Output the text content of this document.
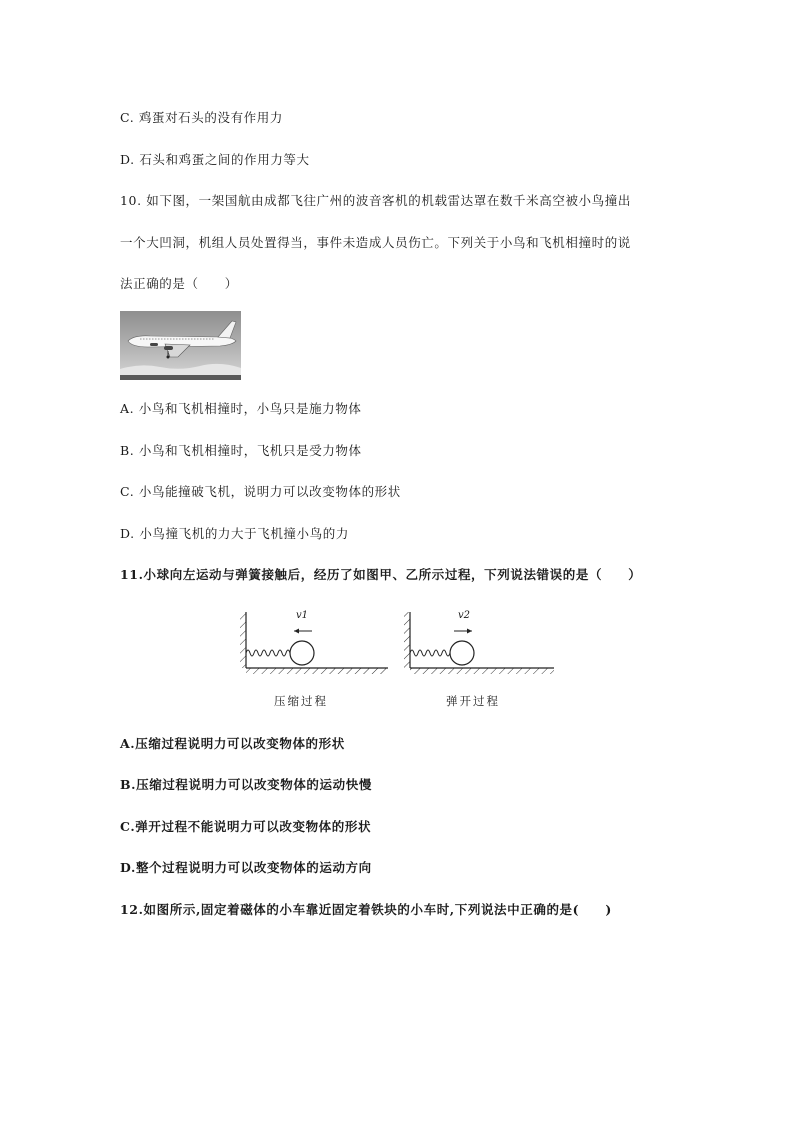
C. 鸡蛋对石头的没有作用力
D. 石头和鸡蛋之间的作用力等大
10. 如下图，一架国航由成都飞往广州的波音客机的机载雷达罩在数千米高空被小鸟撞出
一个大凹洞，机组人员处置得当，事件未造成人员伤亡。下列关于小鸟和飞机相撞时的说
法正确的是（　　）
A. 小鸟和飞机相撞时，小鸟只是施力物体
B. 小鸟和飞机相撞时，飞机只是受力物体
C. 小鸟能撞破飞机，说明力可以改变物体的形状
D. 小鸟撞飞机的力大于飞机撞小鸟的力
11.小球向左运动与弹簧接触后，经历了如图甲、乙所示过程，下列说法错误的是（　　）
v1	v2
压缩过程	弹开过程
A.压缩过程说明力可以改变物体的形状
B.压缩过程说明力可以改变物体的运动快慢
C.弹开过程不能说明力可以改变物体的形状
D.整个过程说明力可以改变物体的运动方向
12.如图所示,固定着磁体的小车靠近固定着铁块的小车时,下列说法中正确的是(　　)
